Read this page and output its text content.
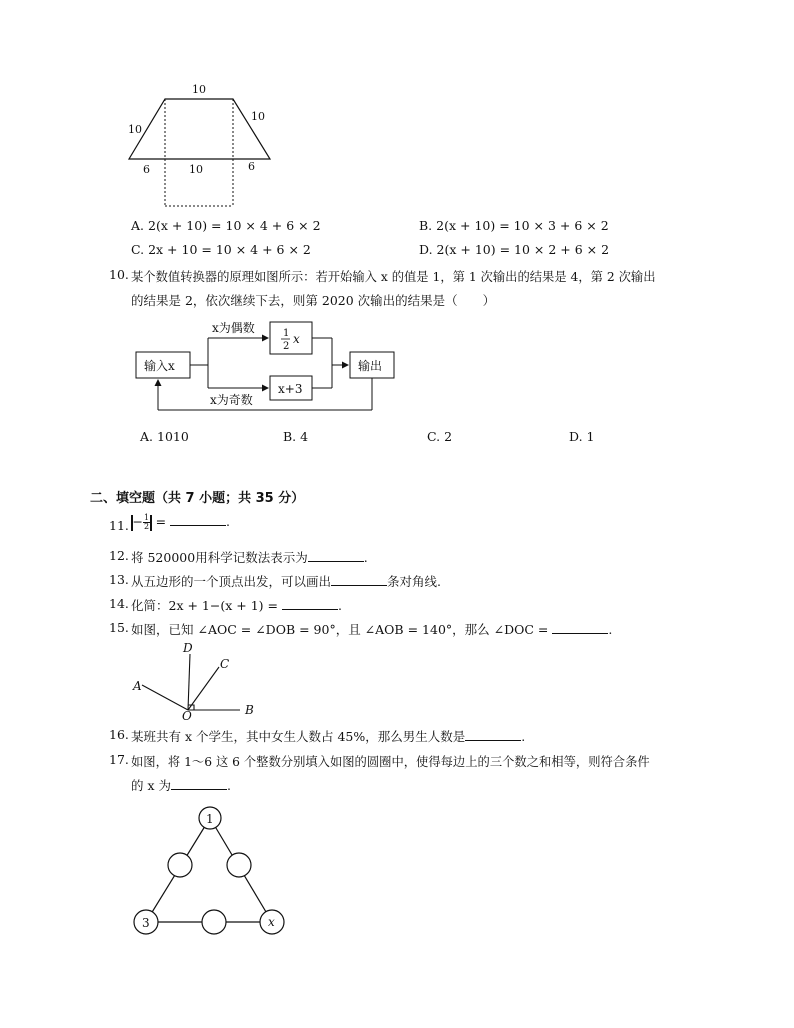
10
10
10
6	10	6
A. 2(x + 10) = 10 × 4 + 6 × 2	B. 2(x + 10) = 10 × 3 + 6 × 2
C. 2x + 10 = 10 × 4 + 6 × 2	D. 2(x + 10) = 10 × 2 + 6 × 2
10. 某个数值转换器的原理如图所示：若开始输入 x 的值是 1，第 1 次输出的结果是 4，第 2 次输出
的结果是 2，依次继续下去，则第 2020 次输出的结果是（　　）
输入x
x为偶数	1
2
x
x+3
输出
x为奇数
A. 1010	B. 4	C. 2	D. 1
二、填空题（共 7 小题；共 35 分）
11. − $\frac{1}{2}$ =	.
12. 将 520000用科学记数法表示为	.
13. 从五边形的一个顶点出发，可以画出	条对角线.
14. 化简：2x + 1−(x + 1) =	.
15. 如图，已知 ∠AOC = ∠DOB = 90°，且 ∠AOB = 140°，那么 ∠DOC =	.
D
C
A
B
O
16. 某班共有 x 个学生，其中女生人数占 45%，那么男生人数是	.
17. 如图，将 1～6 这 6 个整数分别填入如图的圆圈中，使得每边上的三个数之和相等，则符合条件
的 x 为	.
1
3	x
